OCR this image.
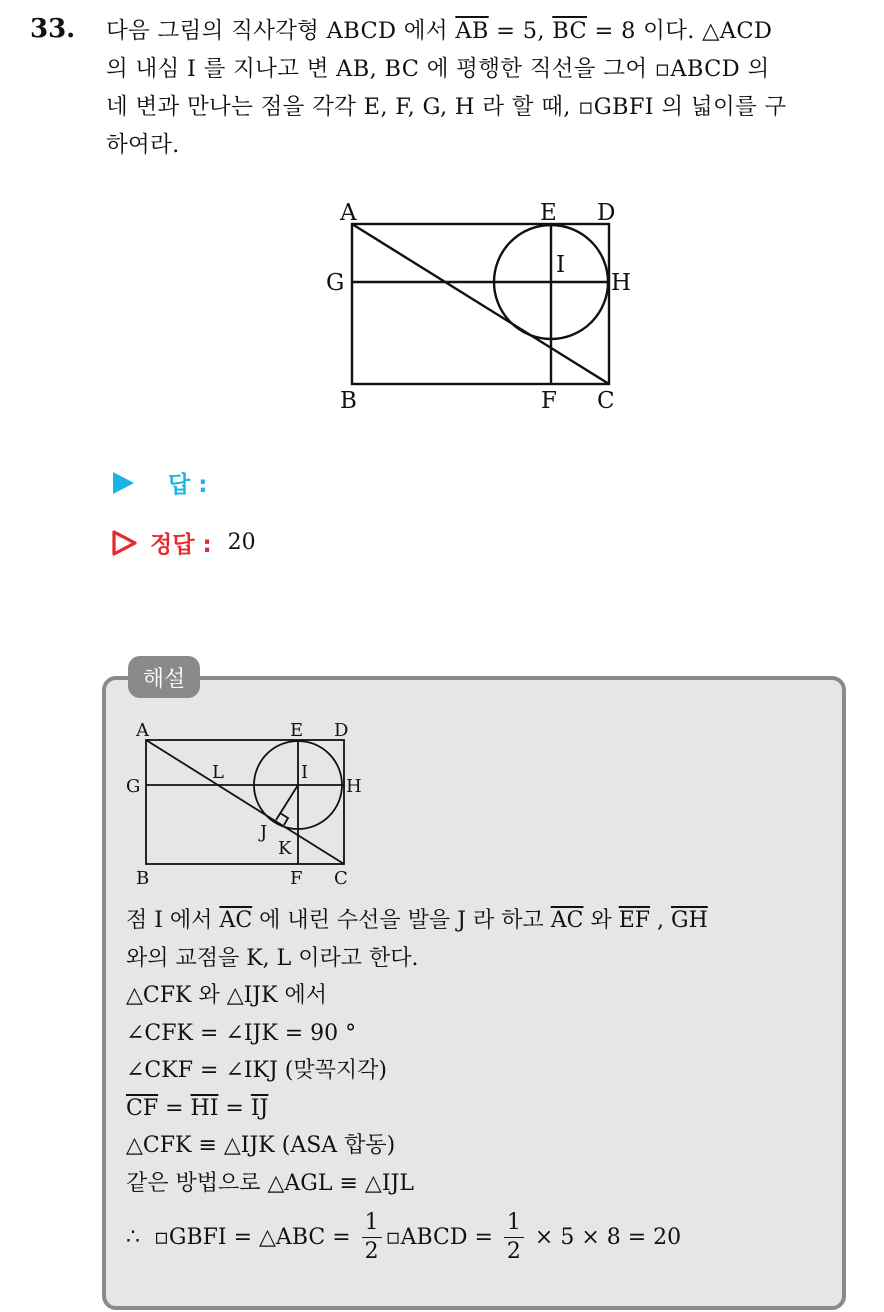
33. 다음 그림의 직사각형 ABCD 에서 $\overline{AB} = 5$, $\overline{BC} = 8$ 이다. △ACD
의 내심 I 를 지나고 변 AB, BC 에 평행한 직선을 그어 ▫ABCD 의
네 변과 만나는 점을 각각 E, F, G, H 라 할 때, ▫GBFI 의 넓이를 구
하여라.
A	E D
G
I
H
B	F C
답 :
정답 : 20
해설
A	E D
G
L	I
H
J
K
B	F C
점 I 에서 $\overline{AC}$ 에 내린 수선을 발을 J 라 하고 $\overline{AC}$ 와 $\overline{EF}$ , $\overline{GH}$
와의 교점을 K, L 이라고 한다.
△CFK 와 △IJK 에서
∠CFK = ∠IJK = 90 °
∠CKF = ∠IKJ (맞꼭지각)
$\overline{CF} = \overline{HI} = \overline{IJ}$
△CFK ≡ △IJK (ASA 합동)
같은 방법으로 △AGL ≡ △IJL
∴  ▫GBFI = △ABC = $\frac{1}{2}$ ▫ABCD = $\frac{1}{2} \times 5 \times 8 = 20$
